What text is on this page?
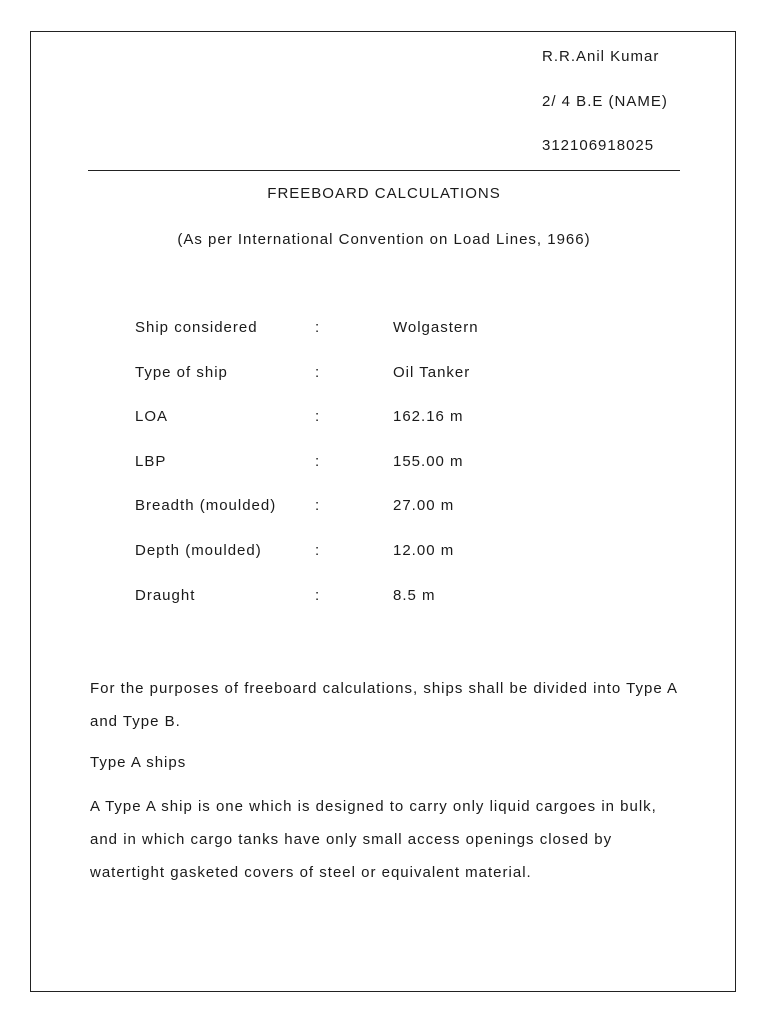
R.R.Anil Kumar
2/ 4 B.E (NAME)
312106918025
FREEBOARD CALCULATIONS
(As per International Convention on Load Lines, 1966)
Ship considered	:	Wolgastern
Type of ship	:	Oil Tanker
LOA	:	162.16 m
LBP	:	155.00 m
Breadth (moulded)	:	27.00 m
Depth (moulded)	:	12.00 m
Draught	:	8.5 m
For the purposes of freeboard calculations, ships shall be divided into Type A and Type B.
Type A ships
A Type A ship is one which is designed to carry only liquid cargoes in bulk, and in which cargo tanks have only small access openings closed by watertight gasketed covers of steel or equivalent material.
